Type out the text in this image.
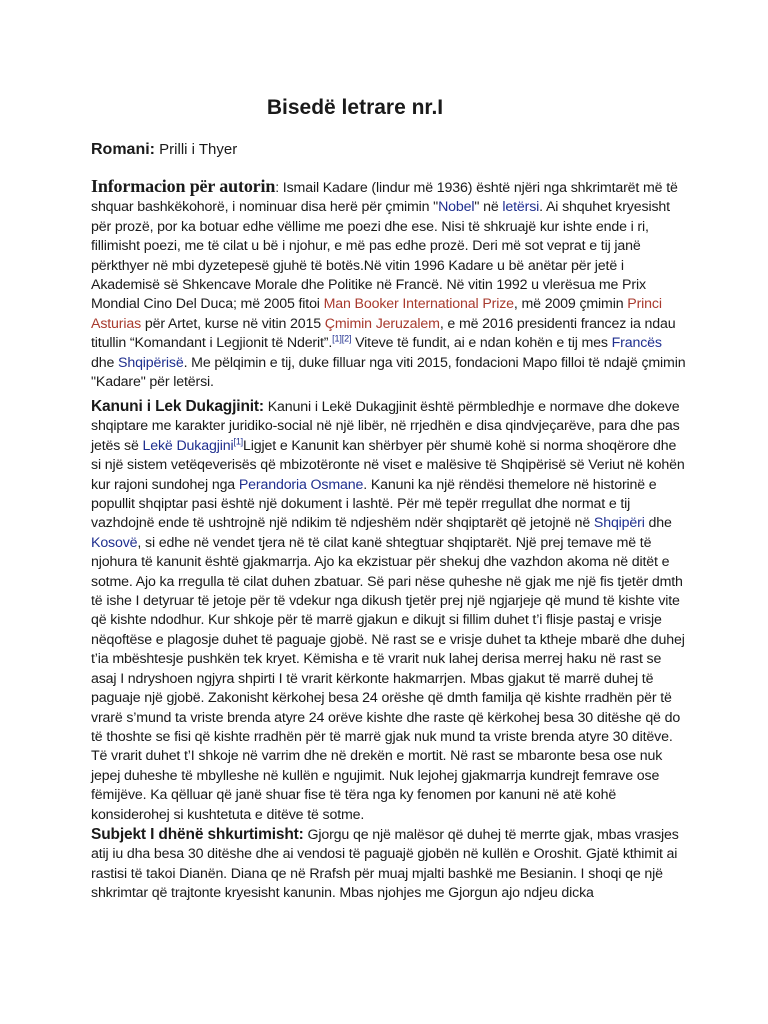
Bisedë letrare nr.I
Romani: Prilli i Thyer
Informacion për autorin: Ismail Kadare (lindur më 1936) është njëri nga shkrimtarët më të shquar bashkëkohorë, i nominuar disa herë për çmimin "Nobel" në letërsi. Ai shquhet kryesisht për prozë, por ka botuar edhe vëllime me poezi dhe ese. Nisi të shkruajë kur ishte ende i ri, fillimisht poezi, me të cilat u bë i njohur, e më pas edhe prozë. Deri më sot veprat e tij janë përkthyer në mbi dyzetepesë gjuhë të botës.Në vitin 1996 Kadare u bë anëtar për jetë i Akademisë së Shkencave Morale dhe Politike në Francë. Në vitin 1992 u vlerësua me Prix Mondial Cino Del Duca; më 2005 fitoi Man Booker International Prize, më 2009 çmimin Princi Asturias për Artet, kurse në vitin 2015 Çmimin Jeruzalem, e më 2016 presidenti francez ia ndau titullin “Komandant i Legjionit të Nderit”.[1][2] Viteve të fundit, ai e ndan kohën e tij mes Francës dhe Shqipërisë. Me pëlqimin e tij, duke filluar nga viti 2015, fondacioni Mapo filloi të ndajë çmimin "Kadare" për letërsi.
Kanuni i Lek Dukagjinit: Kanuni i Lekë Dukagjinit është përmbledhje e normave dhe dokeve shqiptare me karakter juridiko-social në një libër, në rrjedhën e disa qindvjeçarëve, para dhe pas jetës së Lekë Dukagjini[1]Ligjet e Kanunit kan shërbyer për shumë kohë si norma shoqërore dhe si një sistem vetëqeverisës që mbizotëronte në viset e malësive të Shqipërisë së Veriut në kohën kur rajoni sundohej nga Perandoria Osmane. Kanuni ka një rëndësi themelore në historinë e popullit shqiptar pasi është një dokument i lashtë. Për më tepër rregullat dhe normat e tij vazhdojnë ende të ushtrojnë një ndikim të ndjeshëm ndër shqiptarët që jetojnë në Shqipëri dhe Kosovë, si edhe në vendet tjera në të cilat kanë shtegtuar shqiptarët. Një prej temave më të njohura të kanunit është gjakmarrja. Ajo ka ekzistuar për shekuj dhe vazhdon akoma në ditët e sotme. Ajo ka rregulla të cilat duhen zbatuar. Së pari nëse quheshe në gjak me një fis tjetër dmth të ishe I detyruar të jetoje për të vdekur nga dikush tjetër prej një ngjarjeje që mund të kishte vite që kishte ndodhur. Kur shkoje për të marrë gjakun e dikujt si fillim duhet t’i flisje pastaj e vrisje nëqoftëse e plagosje duhet të paguaje gjobë. Në rast se e vrisje duhet ta ktheje mbarë dhe duhej t’ia mbështesje pushkën tek kryet. Këmisha e të vrarit nuk lahej derisa merrej haku në rast se asaj I ndryshoen ngjyra shpirti I të vrarit kërkonte hakmarrjen. Mbas gjakut të marrë duhej të paguaje një gjobë. Zakonisht kërkohej besa 24 orëshe që dmth familja që kishte rradhën për të vrarë s’mund ta vriste brenda atyre 24 orëve kishte dhe raste që kërkohej besa 30 ditëshe që do të thoshte se fisi që kishte rradhën për të marrë gjak nuk mund ta vriste brenda atyre 30 ditëve. Të vrarit duhet t’I shkoje në varrim dhe në drekën e mortit. Në rast se mbaronte besa ose nuk jepej duheshe të mbylleshe në kullën e ngujimit. Nuk lejohej gjakmarrja kundrejt femrave ose fëmijëve. Ka qëlluar që janë shuar fise të tëra nga ky fenomen por kanuni në atë kohë konsiderohej si kushtetuta e ditëve të sotme.
Subjekt I dhënë shkurtimisht: Gjorgu qe një malësor që duhej të merrte gjak, mbas vrasjes atij iu dha besa 30 ditëshe dhe ai vendosi të paguajë gjobën në kullën e Oroshit. Gjatë kthimit ai rastisi të takoi Dianën. Diana qe në Rrafsh për muaj mjalti bashkë me Besianin. I shoqi qe një shkrimtar që trajtonte kryesisht kanunin. Mbas njohjes me Gjorgun ajo ndjeu dicka
